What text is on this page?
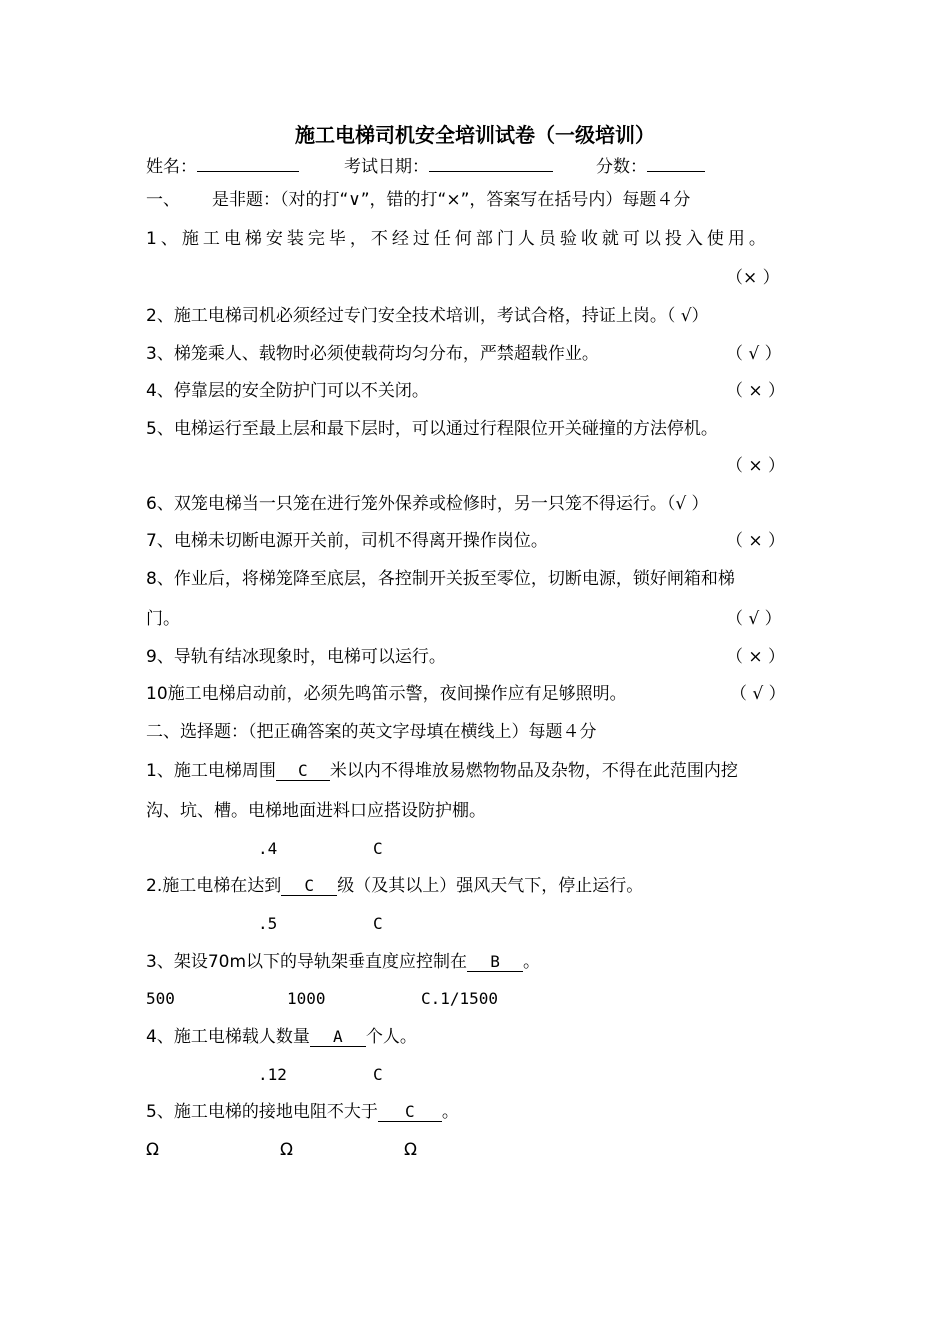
施工电梯司机安全培训试卷（一级培训）
姓名：	考试日期：	分数：
一、 是非题：（对的打“∨”，错的打“×”，答案写在括号内）每题４分
1、施工电梯安装完毕，不经过任何部门人员验收就可以投入使用。
（× ）
2、施工电梯司机必须经过专门安全技术培训，考试合格，持证上岗。（ √）
3、梯笼乘人、载物时必须使载荷均匀分布，严禁超载作业。	（ √ ）
4、停靠层的安全防护门可以不关闭。	（ × ）
5、电梯运行至最上层和最下层时，可以通过行程限位开关碰撞的方法停机。
（ × ）
6、双笼电梯当一只笼在进行笼外保养或检修时，另一只笼不得运行。（√ ）
7、电梯未切断电源开关前，司机不得离开操作岗位。	（ × ）
8、作业后，将梯笼降至底层，各控制开关扳至零位，切断电源，锁好闸箱和梯
门。	（ √ ）
9、导轨有结冰现象时，电梯可以运行。	（ × ）
10施工电梯启动前，必须先鸣笛示警，夜间操作应有足够照明。	（ √ ）
二、选择题：（把正确答案的英文字母填在横线上）每题４分
1、施工电梯周围 C 米以内不得堆放易燃物物品及杂物，不得在此范围内挖
沟、坑、槽。电梯地面进料口应搭设防护棚。
.4	C
2.施工电梯在达到 C 级（及其以上）强风天气下，停止运行。
.5	C
3、架设70m以下的导轨架垂直度应控制在 B 。
500	1000	C.1/1500
4、施工电梯载人数量 A 个人。
.12	C
5、施工电梯的接地电阻不大于 C 。
Ω	Ω	Ω
